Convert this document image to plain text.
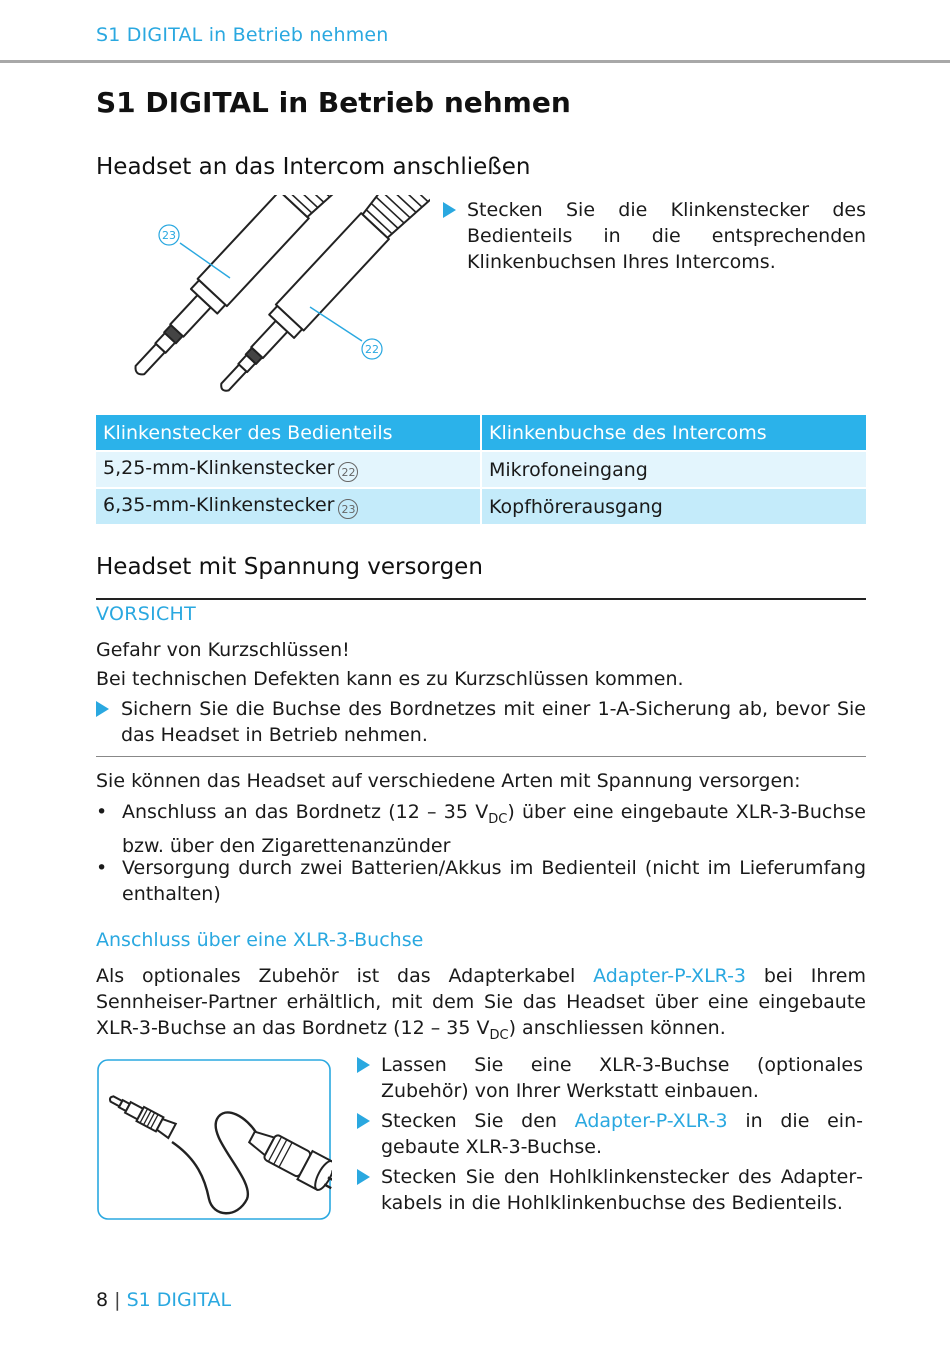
S1 DIGITAL in Betrieb nehmen
S1 DIGITAL in Betrieb nehmen
Headset an das Intercom anschließen
23
22
Stecken Sie die Klinkenstecker des Bedienteils in die entsprechenden Klinkenbuchsen Ihres Intercoms.
Klinkenstecker des Bedienteils	Klinkenbuchse des Intercoms
5,25-mm-Klinkenstecker 22	Mikrofoneingang
6,35-mm-Klinkenstecker 23	Kopfhörerausgang
Headset mit Spannung versorgen
VORSICHT
Gefahr von Kurzschlüssen!
Bei technischen Defekten kann es zu Kurzschlüssen kommen.
Sichern Sie die Buchse des Bordnetzes mit einer 1-A-Sicherung ab, bevor Sie das Headset in Betrieb nehmen.
Sie können das Headset auf verschiedene Arten mit Spannung versorgen:
• Anschluss an das Bordnetz (12 – 35 $V_{DC}$) über eine eingebaute XLR-3-Buchse bzw. über den Zigarettenanzünder
• Versorgung durch zwei Batterien/Akkus im Bedienteil (nicht im Lieferumfang enthalten)
Anschluss über eine XLR-3-Buchse
Als optionales Zubehör ist das Adapterkabel Adapter-P-XLR-3 bei Ihrem Sennheiser-Partner erhältlich, mit dem Sie das Headset über eine eingebaute XLR-3-Buchse an das Bordnetz (12 – 35 $V_{DC}$) anschliessen können.
Lassen Sie eine XLR-3-Buchse (optionales Zubehör) von Ihrer Werkstatt einbauen.
Stecken Sie den Adapter-P-XLR-3 in die eingebaute XLR-3-Buchse.
Stecken Sie den Hohlklinkenstecker des Adapterkabels in die Hohlklinkenbuchse des Bedienteils.
8 | S1 DIGITAL
